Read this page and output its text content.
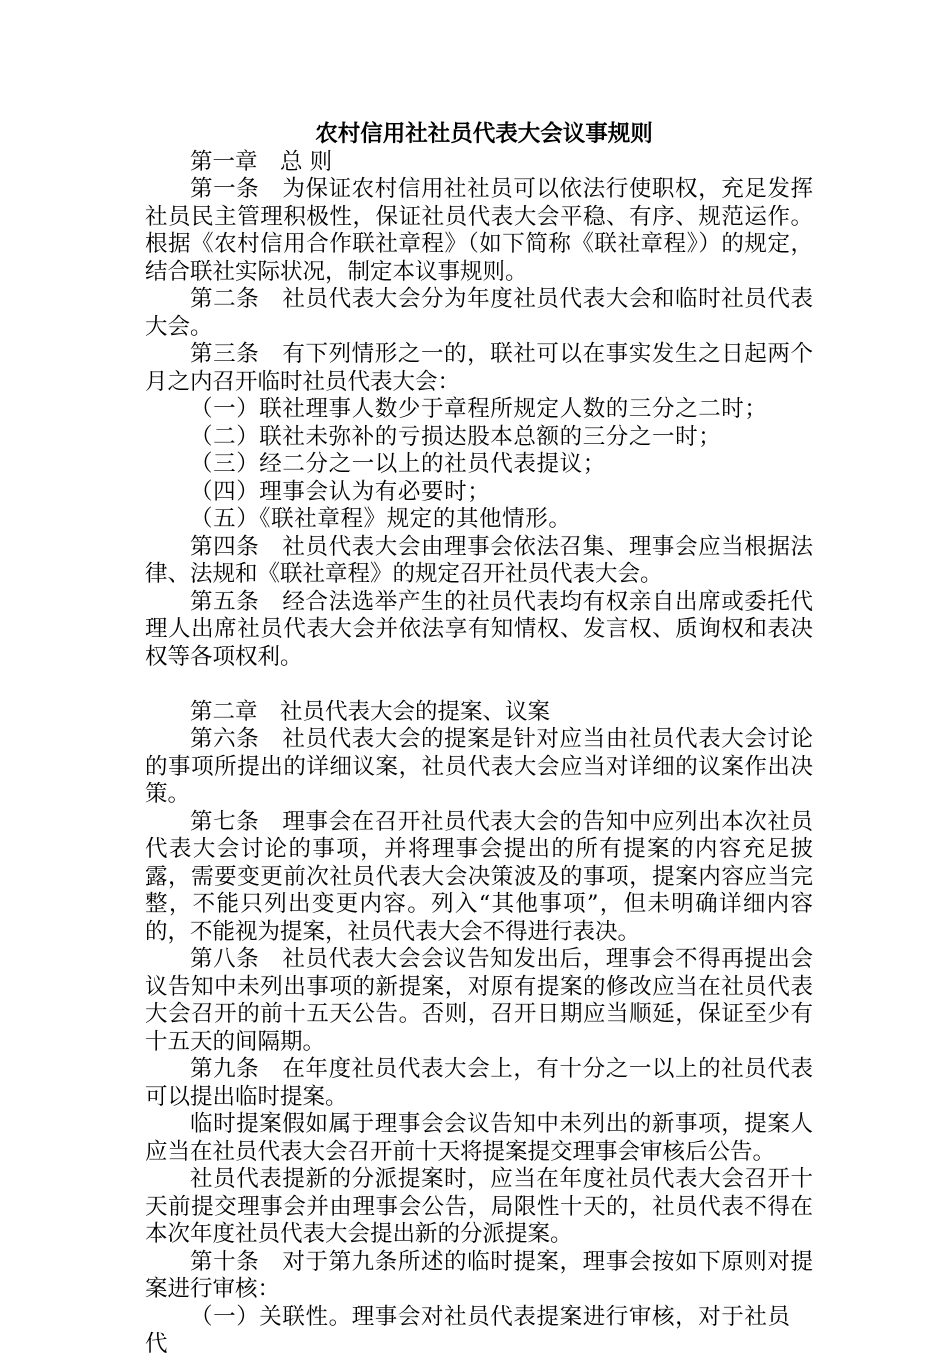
农村信用社社员代表大会议事规则

第一章　总 则

第一条　为保证农村信用社社员可以依法行使职权，充足发挥社员民主管理积极性，保证社员代表大会平稳、有序、规范运作。根据《农村信用合作联社章程》（如下简称《联社章程》）的规定，结合联社实际状况，制定本议事规则。

第二条　社员代表大会分为年度社员代表大会和临时社员代表大会。

第三条　有下列情形之一的，联社可以在事实发生之日起两个月之内召开临时社员代表大会：

（一）联社理事人数少于章程所规定人数的三分之二时；

（二）联社未弥补的亏损达股本总额的三分之一时；

（三）经二分之一以上的社员代表提议；

（四）理事会认为有必要时；

（五）《联社章程》规定的其他情形。

第四条　社员代表大会由理事会依法召集、理事会应当根据法律、法规和《联社章程》的规定召开社员代表大会。

第五条　经合法选举产生的社员代表均有权亲自出席或委托代理人出席社员代表大会并依法享有知情权、发言权、质询权和表决权等各项权利。

第二章　社员代表大会的提案、议案

第六条　社员代表大会的提案是针对应当由社员代表大会讨论的事项所提出的详细议案，社员代表大会应当对详细的议案作出决策。

第七条　理事会在召开社员代表大会的告知中应列出本次社员代表大会讨论的事项，并将理事会提出的所有提案的内容充足披露，需要变更前次社员代表大会决策波及的事项，提案内容应当完整，不能只列出变更内容。列入“其他事项”，但未明确详细内容的，不能视为提案，社员代表大会不得进行表决。

第八条　社员代表大会会议告知发出后，理事会不得再提出会议告知中未列出事项的新提案，对原有提案的修改应当在社员代表大会召开的前十五天公告。否则，召开日期应当顺延，保证至少有十五天的间隔期。

第九条　在年度社员代表大会上，有十分之一以上的社员代表可以提出临时提案。

临时提案假如属于理事会会议告知中未列出的新事项，提案人应当在社员代表大会召开前十天将提案提交理事会审核后公告。

社员代表提新的分派提案时，应当在年度社员代表大会召开十天前提交理事会并由理事会公告，局限性十天的，社员代表不得在本次年度社员代表大会提出新的分派提案。

第十条　对于第九条所述的临时提案，理事会按如下原则对提案进行审核：

（一）关联性。理事会对社员代表提案进行审核，对于社员代
